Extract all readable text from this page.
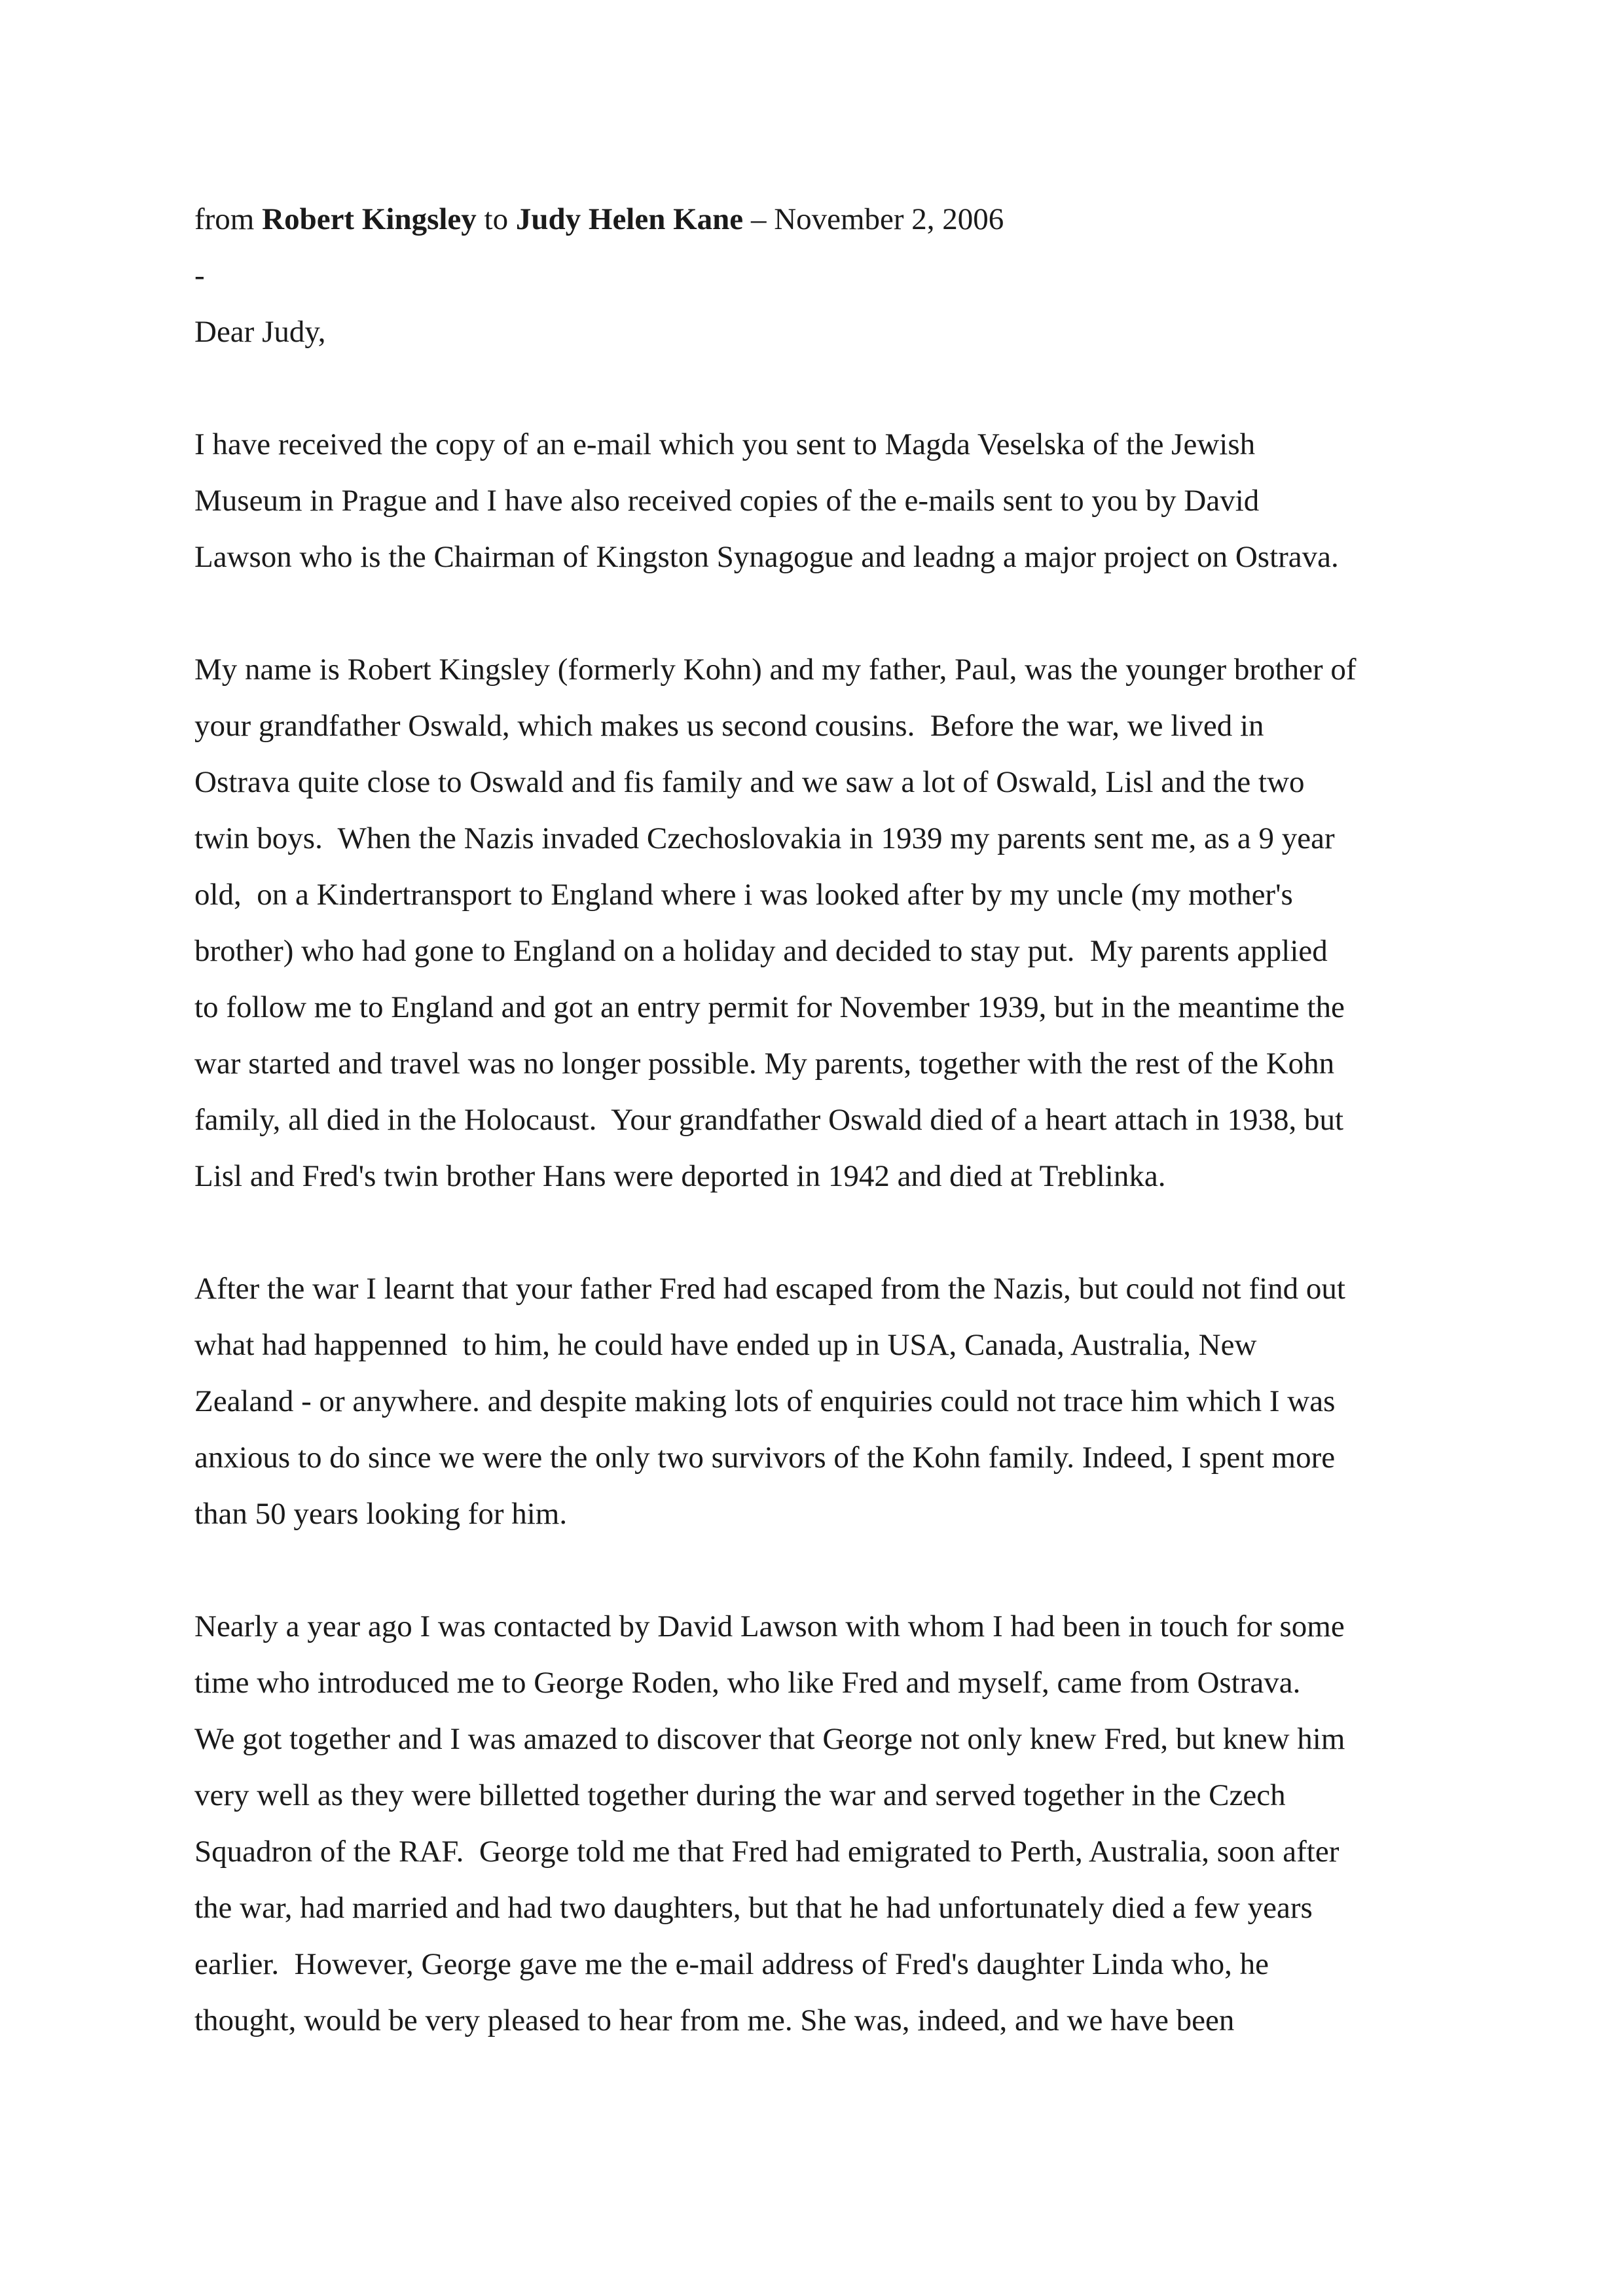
from Robert Kingsley to Judy Helen Kane – November 2, 2006
-
Dear Judy,
I have received the copy of an e-mail which you sent to Magda Veselska of the Jewish
Museum in Prague and I have also received copies of the e-mails sent to you by David
Lawson who is the Chairman of Kingston Synagogue and leadng a major project on Ostrava.
My name is Robert Kingsley (formerly Kohn) and my father, Paul, was the younger brother of
your grandfather Oswald, which makes us second cousins.  Before the war, we lived in
Ostrava quite close to Oswald and fis family and we saw a lot of Oswald, Lisl and the two
twin boys.  When the Nazis invaded Czechoslovakia in 1939 my parents sent me, as a 9 year
old,  on a Kindertransport to England where i was looked after by my uncle (my mother's
brother) who had gone to England on a holiday and decided to stay put.  My parents applied
to follow me to England and got an entry permit for November 1939, but in the meantime the
war started and travel was no longer possible. My parents, together with the rest of the Kohn
family, all died in the Holocaust.  Your grandfather Oswald died of a heart attach in 1938, but
Lisl and Fred's twin brother Hans were deported in 1942 and died at Treblinka.
After the war I learnt that your father Fred had escaped from the Nazis, but could not find out
what had happenned  to him, he could have ended up in USA, Canada, Australia, New
Zealand - or anywhere. and despite making lots of enquiries could not trace him which I was
anxious to do since we were the only two survivors of the Kohn family. Indeed, I spent more
than 50 years looking for him.
Nearly a year ago I was contacted by David Lawson with whom I had been in touch for some
time who introduced me to George Roden, who like Fred and myself, came from Ostrava.
We got together and I was amazed to discover that George not only knew Fred, but knew him
very well as they were billetted together during the war and served together in the Czech
Squadron of the RAF.  George told me that Fred had emigrated to Perth, Australia, soon after
the war, had married and had two daughters, but that he had unfortunately died a few years
earlier.  However, George gave me the e-mail address of Fred's daughter Linda who, he
thought, would be very pleased to hear from me. She was, indeed, and we have been
